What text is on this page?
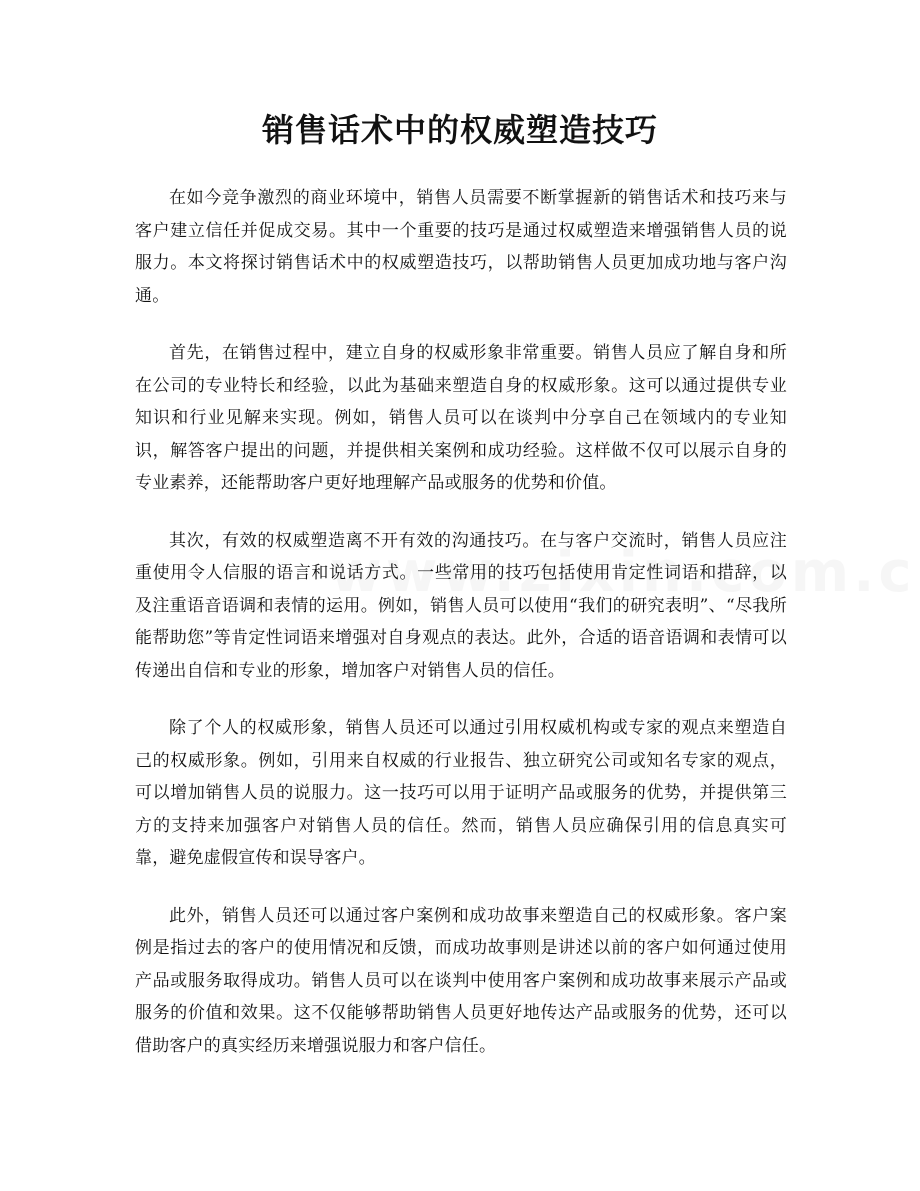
销售话术中的权威塑造技巧

在如今竞争激烈的商业环境中，销售人员需要不断掌握新的销售话术和技巧来与客户建立信任并促成交易。其中一个重要的技巧是通过权威塑造来增强销售人员的说服力。本文将探讨销售话术中的权威塑造技巧，以帮助销售人员更加成功地与客户沟通。

首先，在销售过程中，建立自身的权威形象非常重要。销售人员应了解自身和所在公司的专业特长和经验，以此为基础来塑造自身的权威形象。这可以通过提供专业知识和行业见解来实现。例如，销售人员可以在谈判中分享自己在领域内的专业知识，解答客户提出的问题，并提供相关案例和成功经验。这样做不仅可以展示自身的专业素养，还能帮助客户更好地理解产品或服务的优势和价值。

其次，有效的权威塑造离不开有效的沟通技巧。在与客户交流时，销售人员应注重使用令人信服的语言和说话方式。一些常用的技巧包括使用肯定性词语和措辞，以及注重语音语调和表情的运用。例如，销售人员可以使用“我们的研究表明”、“尽我所能帮助您”等肯定性词语来增强对自身观点的表达。此外，合适的语音语调和表情可以传递出自信和专业的形象，增加客户对销售人员的信任。

除了个人的权威形象，销售人员还可以通过引用权威机构或专家的观点来塑造自己的权威形象。例如，引用来自权威的行业报告、独立研究公司或知名专家的观点，可以增加销售人员的说服力。这一技巧可以用于证明产品或服务的优势，并提供第三方的支持来加强客户对销售人员的信任。然而，销售人员应确保引用的信息真实可靠，避免虚假宣传和误导客户。

此外，销售人员还可以通过客户案例和成功故事来塑造自己的权威形象。客户案例是指过去的客户的使用情况和反馈，而成功故事则是讲述以前的客户如何通过使用产品或服务取得成功。销售人员可以在谈判中使用客户案例和成功故事来展示产品或服务的价值和效果。这不仅能够帮助销售人员更好地传达产品或服务的优势，还可以借助客户的真实经历来增强说服力和客户信任。
